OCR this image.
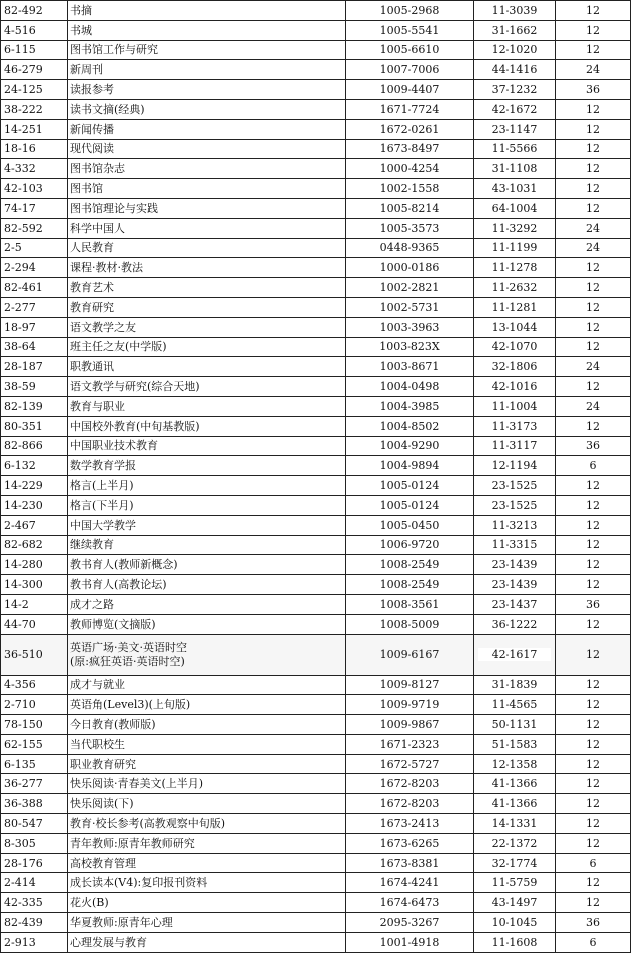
82-492	书摘	1005-2968	11-3039	12
4-516	书城	1005-5541	31-1662	12
6-115	图书馆工作与研究	1005-6610	12-1020	12
46-279	新周刊	1007-7006	44-1416	24
24-125	读报参考	1009-4407	37-1232	36
38-222	读书文摘(经典)	1671-7724	42-1672	12
14-251	新闻传播	1672-0261	23-1147	12
18-16	现代阅读	1673-8497	11-5566	12
4-332	图书馆杂志	1000-4254	31-1108	12
42-103	图书馆	1002-1558	43-1031	12
74-17	图书馆理论与实践	1005-8214	64-1004	12
82-592	科学中国人	1005-3573	11-3292	24
2-5	人民教育	0448-9365	11-1199	24
2-294	课程·教材·教法	1000-0186	11-1278	12
82-461	教育艺术	1002-2821	11-2632	12
2-277	教育研究	1002-5731	11-1281	12
18-97	语文教学之友	1003-3963	13-1044	12
38-64	班主任之友(中学版)	1003-823X	42-1070	12
28-187	职教通讯	1003-8671	32-1806	24
38-59	语文教学与研究(综合天地)	1004-0498	42-1016	12
82-139	教育与职业	1004-3985	11-1004	24
80-351	中国校外教育(中旬基教版)	1004-8502	11-3173	12
82-866	中国职业技术教育	1004-9290	11-3117	36
6-132	数学教育学报	1004-9894	12-1194	6
14-229	格言(上半月)	1005-0124	23-1525	12
14-230	格言(下半月)	1005-0124	23-1525	12
2-467	中国大学教学	1005-0450	11-3213	12
82-682	继续教育	1006-9720	11-3315	12
14-280	教书育人(教师新概念)	1008-2549	23-1439	12
14-300	教书育人(高教论坛)	1008-2549	23-1439	12
14-2	成才之路	1008-3561	23-1437	36
44-70	教师博览(文摘版)	1008-5009	36-1222	12
36-510	英语广场·美文·英语时空
(原:疯狂英语·英语时空)	1009-6167	42-1617	12
4-356	成才与就业	1009-8127	31-1839	12
2-710	英语角(Level3)(上旬版)	1009-9719	11-4565	12
78-150	今日教育(教师版)	1009-9867	50-1131	12
62-155	当代职校生	1671-2323	51-1583	12
6-135	职业教育研究	1672-5727	12-1358	12
36-277	快乐阅读·青春美文(上半月)	1672-8203	41-1366	12
36-388	快乐阅读(下)	1672-8203	41-1366	12
80-547	教育·校长参考(高教观察中旬版)	1673-2413	14-1331	12
8-305	青年教师:原青年教师研究	1673-6265	22-1372	12
28-176	高校教育管理	1673-8381	32-1774	6
2-414	成长读本(V4):复印报刊资料	1674-4241	11-5759	12
42-335	花火(B)	1674-6473	43-1497	12
82-439	华夏教师:原青年心理	2095-3267	10-1045	36
2-913	心理发展与教育	1001-4918	11-1608	6
